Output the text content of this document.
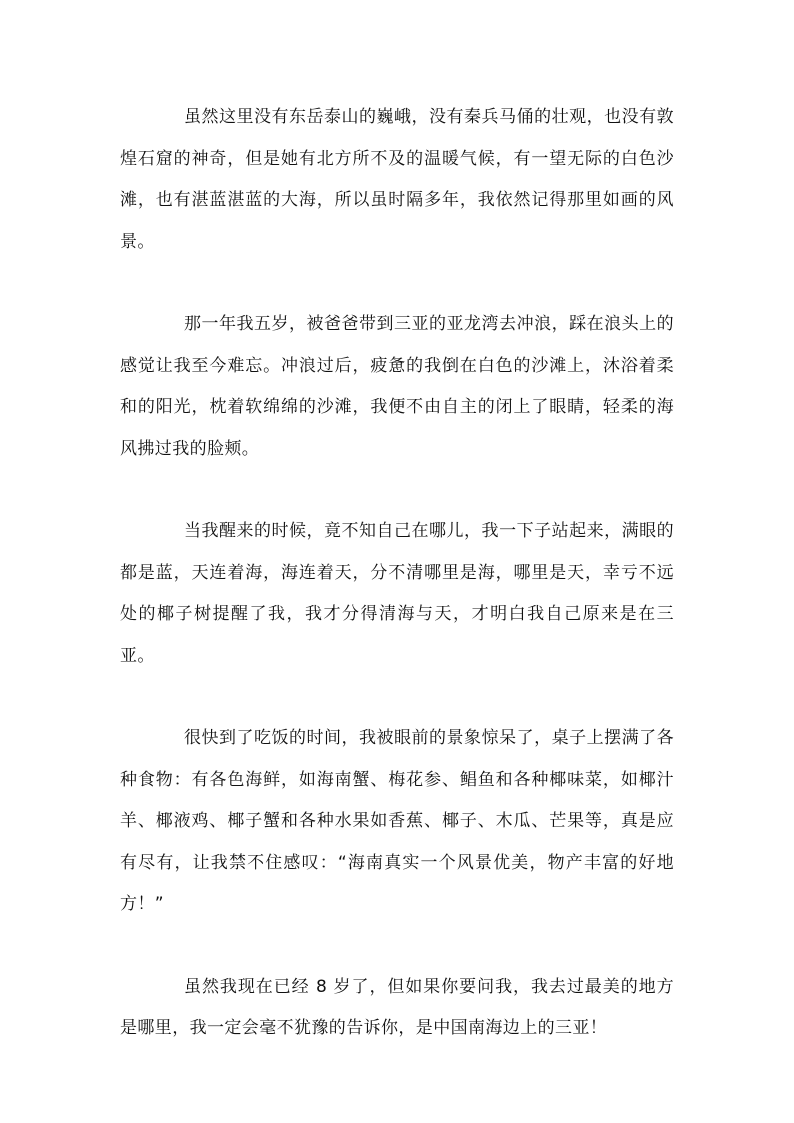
虽然这里没有东岳泰山的巍峨，没有秦兵马俑的壮观，也没有敦煌石窟的神奇，但是她有北方所不及的温暖气候，有一望无际的白色沙滩，也有湛蓝湛蓝的大海，所以虽时隔多年，我依然记得那里如画的风景。

那一年我五岁，被爸爸带到三亚的亚龙湾去冲浪，踩在浪头上的感觉让我至今难忘。冲浪过后，疲惫的我倒在白色的沙滩上，沐浴着柔和的阳光，枕着软绵绵的沙滩，我便不由自主的闭上了眼睛，轻柔的海风拂过我的脸颊。

当我醒来的时候，竟不知自己在哪儿，我一下子站起来，满眼的都是蓝，天连着海，海连着天，分不清哪里是海，哪里是天，幸亏不远处的椰子树提醒了我，我才分得清海与天，才明白我自己原来是在三亚。

很快到了吃饭的时间，我被眼前的景象惊呆了，桌子上摆满了各种食物：有各色海鲜，如海南蟹、梅花参、鲳鱼和各种椰味菜，如椰汁羊、椰液鸡、椰子蟹和各种水果如香蕉、椰子、木瓜、芒果等，真是应有尽有，让我禁不住感叹：“海南真实一个风景优美，物产丰富的好地方！”

虽然我现在已经 8 岁了，但如果你要问我，我去过最美的地方是哪里，我一定会毫不犹豫的告诉你，是中国南海边上的三亚！
